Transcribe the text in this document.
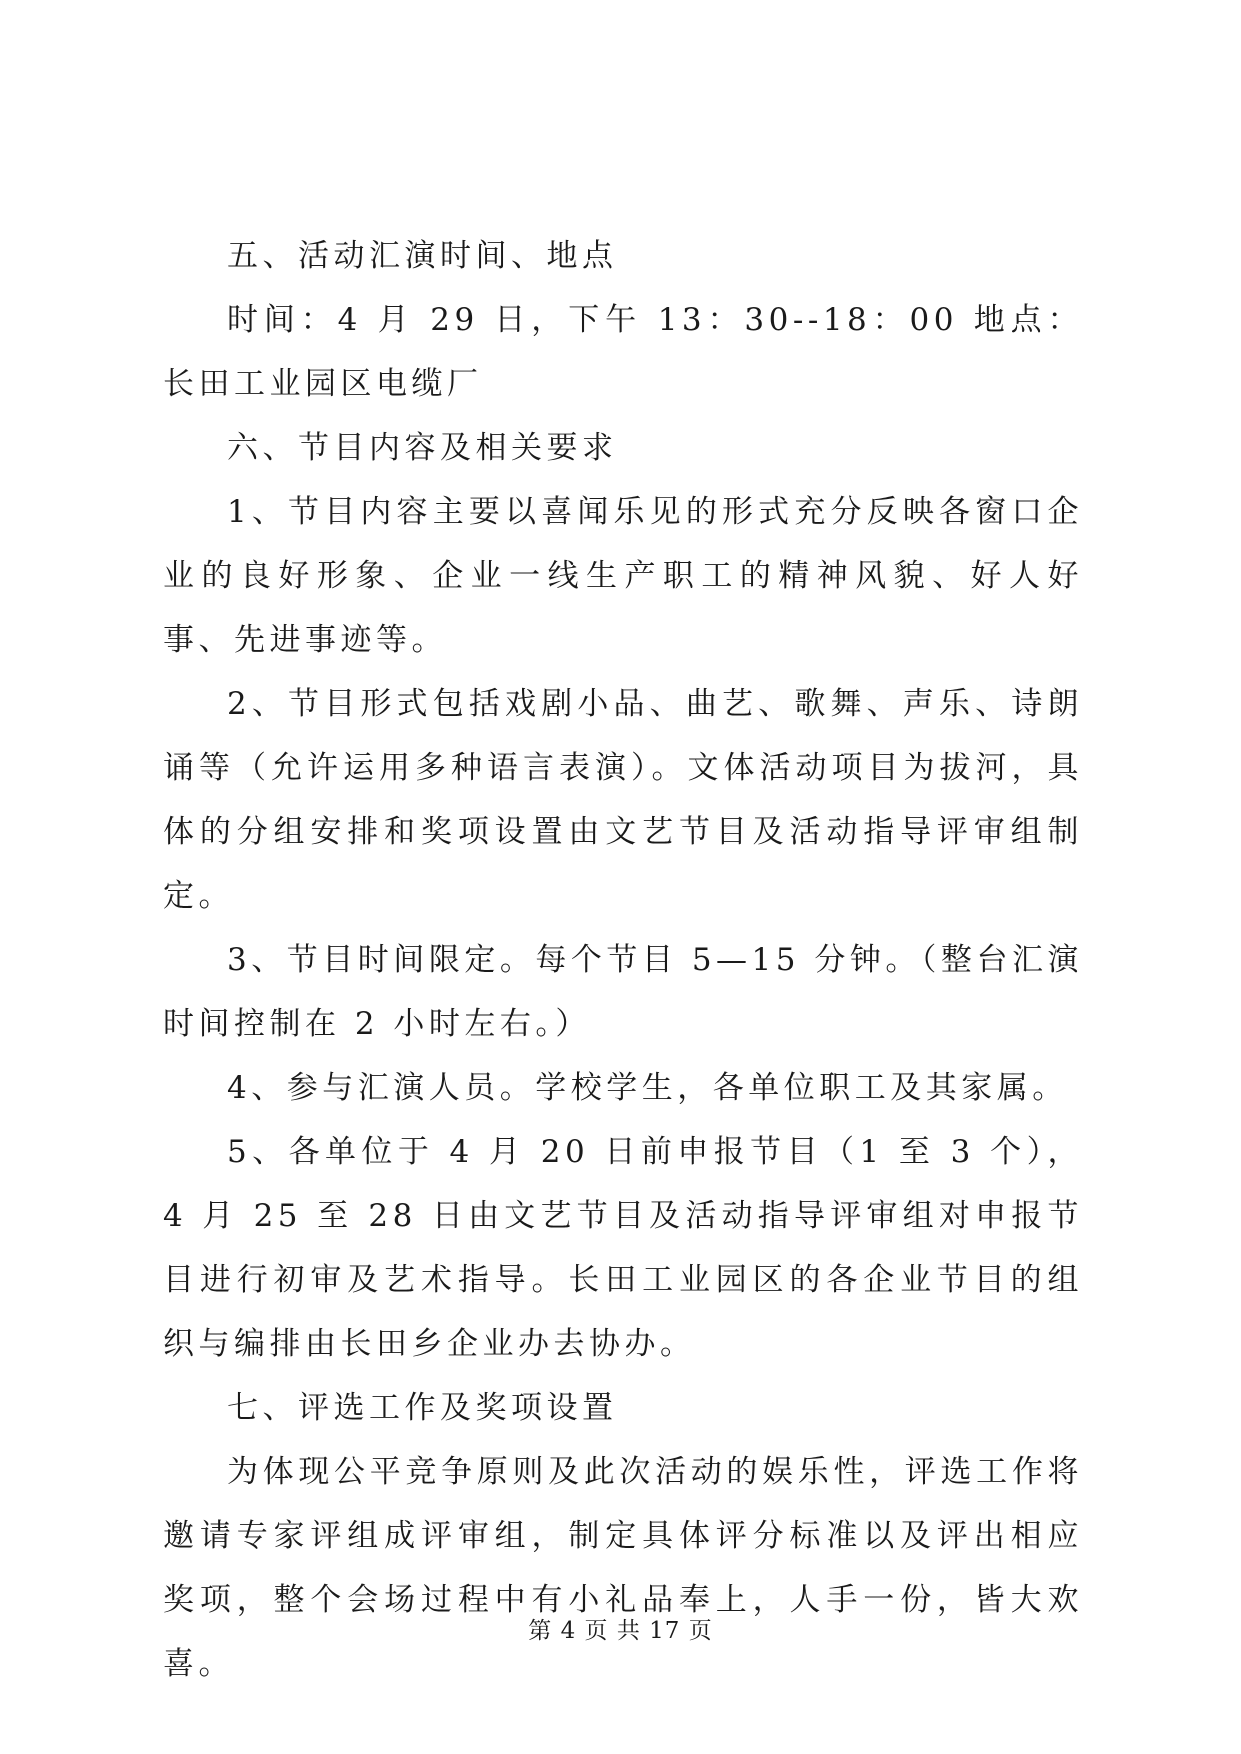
五、活动汇演时间、地点

时间：4 月 29 日，下午 13：30--18：00 地点：长田工业园区电缆厂

六、节目内容及相关要求

1、节目内容主要以喜闻乐见的形式充分反映各窗口企业的良好形象、企业一线生产职工的精神风貌、好人好事、先进事迹等。

2、节目形式包括戏剧小品、曲艺、歌舞、声乐、诗朗诵等（允许运用多种语言表演）。文体活动项目为拔河，具体的分组安排和奖项设置由文艺节目及活动指导评审组制定。

3、节目时间限定。每个节目 5—15 分钟。（整台汇演时间控制在 2 小时左右。）

4、参与汇演人员。学校学生，各单位职工及其家属。

5、各单位于 4 月 20 日前申报节目（1 至 3 个），4 月 25 至 28 日由文艺节目及活动指导评审组对申报节目进行初审及艺术指导。长田工业园区的各企业节目的组织与编排由长田乡企业办去协办。

七、评选工作及奖项设置

为体现公平竞争原则及此次活动的娱乐性，评选工作将邀请专家评组成评审组，制定具体评分标准以及评出相应奖项，整个会场过程中有小礼品奉上，人手一份，皆大欢喜。

第 4 页 共 17 页
